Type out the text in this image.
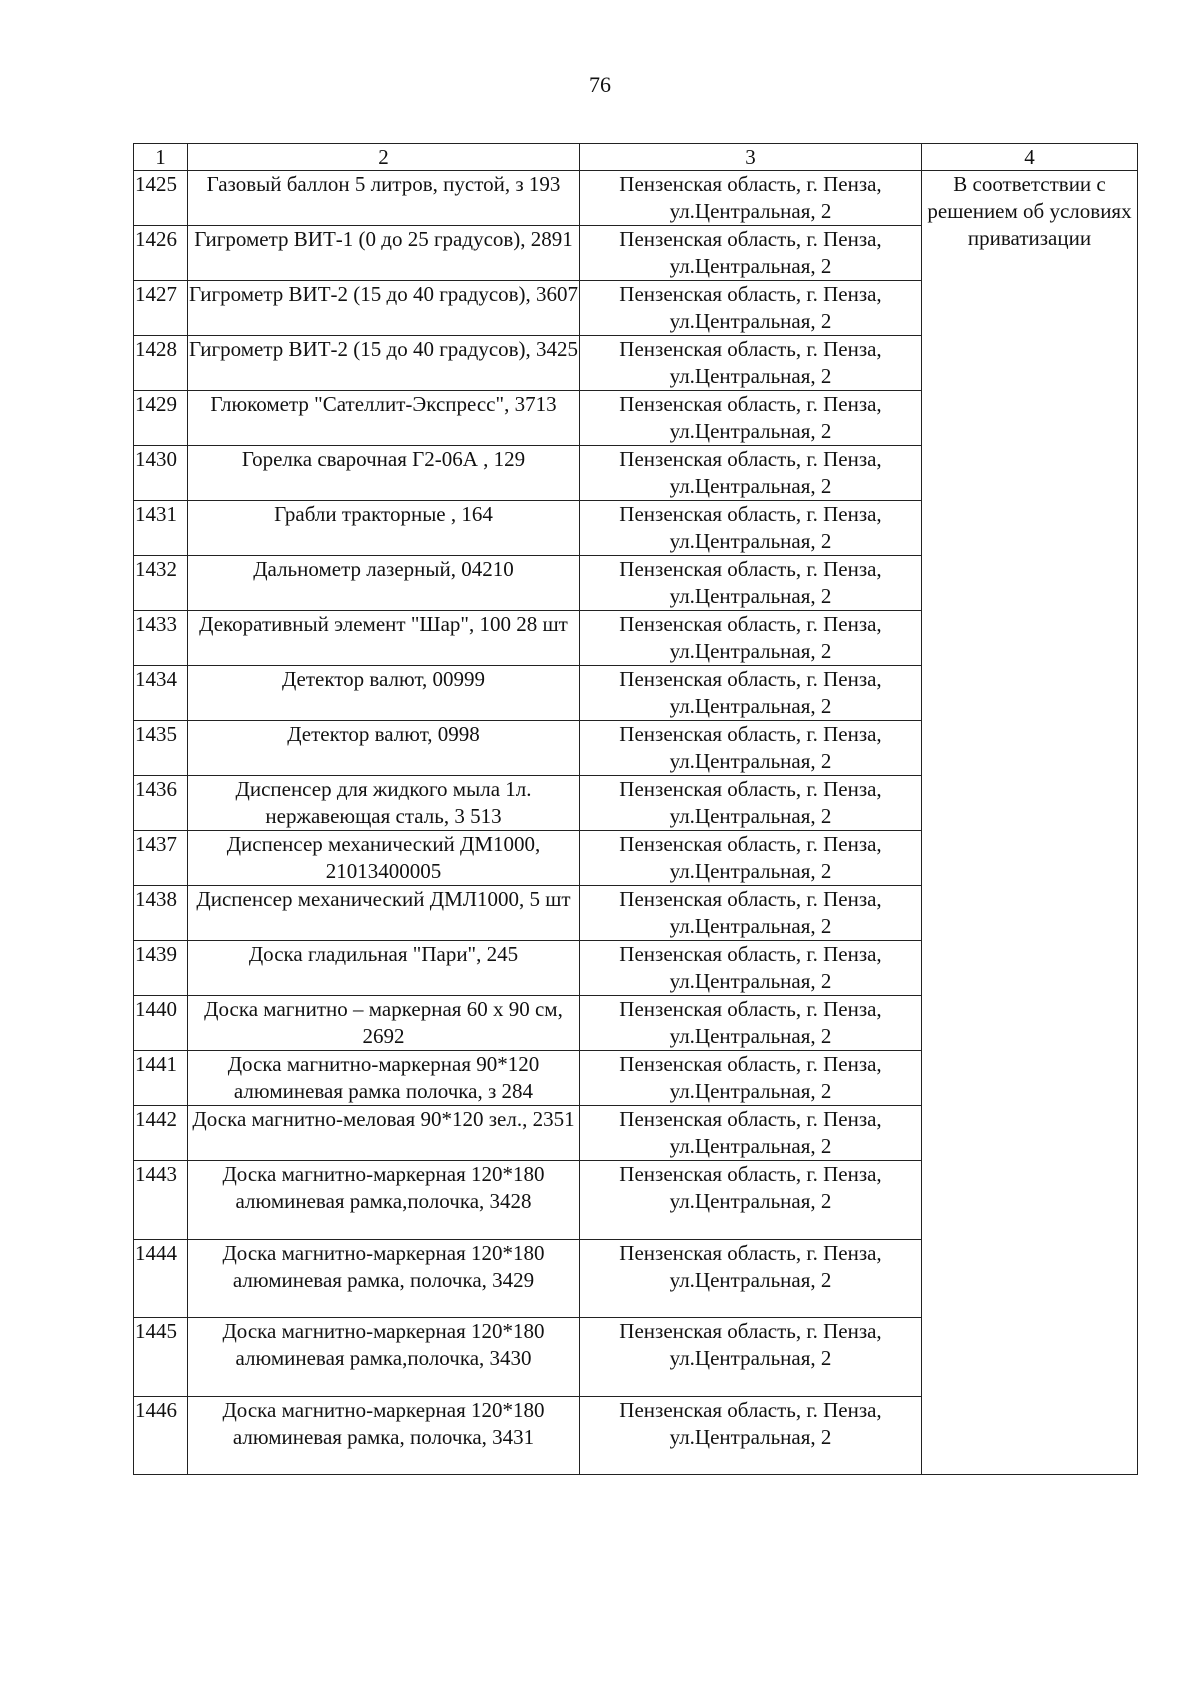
76
1	2	3	4
1425	Газовый баллон 5 литров, пустой, з 193	Пензенская область, г. Пенза, ул.Центральная, 2	В соответствии с решением об условиях приватизации
1426	Гигрометр ВИТ-1 (0 до 25 градусов), 2891	Пензенская область, г. Пенза, ул.Центральная, 2	
1427	Гигрометр ВИТ-2 (15 до 40 градусов), 3607	Пензенская область, г. Пенза, ул.Центральная, 2	
1428	Гигрометр ВИТ-2 (15 до 40 градусов), 3425	Пензенская область, г. Пенза, ул.Центральная, 2	
1429	Глюкометр "Сателлит-Экспресс", 3713	Пензенская область, г. Пенза, ул.Центральная, 2	
1430	Горелка сварочная Г2-06А , 129	Пензенская область, г. Пенза, ул.Центральная, 2	
1431	Грабли тракторные , 164	Пензенская область, г. Пенза, ул.Центральная, 2	
1432	Дальнометр лазерный, 04210	Пензенская область, г. Пенза, ул.Центральная, 2	
1433	Декоративный элемент "Шар", 100 28 шт	Пензенская область, г. Пенза, ул.Центральная, 2	
1434	Детектор валют, 00999	Пензенская область, г. Пенза, ул.Центральная, 2	
1435	Детектор валют, 0998	Пензенская область, г. Пенза, ул.Центральная, 2	
1436	Диспенсер для жидкого мыла 1л. нержавеющая сталь, 3 513	Пензенская область, г. Пенза, ул.Центральная, 2	
1437	Диспенсер механический ДМ1000, 21013400005	Пензенская область, г. Пенза, ул.Центральная, 2	
1438	Диспенсер механический ДМЛ1000, 5 шт	Пензенская область, г. Пенза, ул.Центральная, 2	
1439	Доска гладильная "Пари", 245	Пензенская область, г. Пенза, ул.Центральная, 2	
1440	Доска магнитно – маркерная 60 х 90 см, 2692	Пензенская область, г. Пенза, ул.Центральная, 2	
1441	Доска магнитно-маркерная 90*120 алюминевая рамка полочка, з 284	Пензенская область, г. Пенза, ул.Центральная, 2	
1442	Доска магнитно-меловая 90*120 зел., 2351	Пензенская область, г. Пенза, ул.Центральная, 2	
1443	Доска магнитно-маркерная 120*180 алюминевая рамка,полочка, 3428	Пензенская область, г. Пенза, ул.Центральная, 2	
1444	Доска магнитно-маркерная 120*180 алюминевая рамка, полочка, 3429	Пензенская область, г. Пенза, ул.Центральная, 2	
1445	Доска магнитно-маркерная 120*180 алюминевая рамка,полочка, 3430	Пензенская область, г. Пенза, ул.Центральная, 2	
1446	Доска магнитно-маркерная 120*180 алюминевая рамка, полочка, 3431	Пензенская область, г. Пенза, ул.Центральная, 2	
